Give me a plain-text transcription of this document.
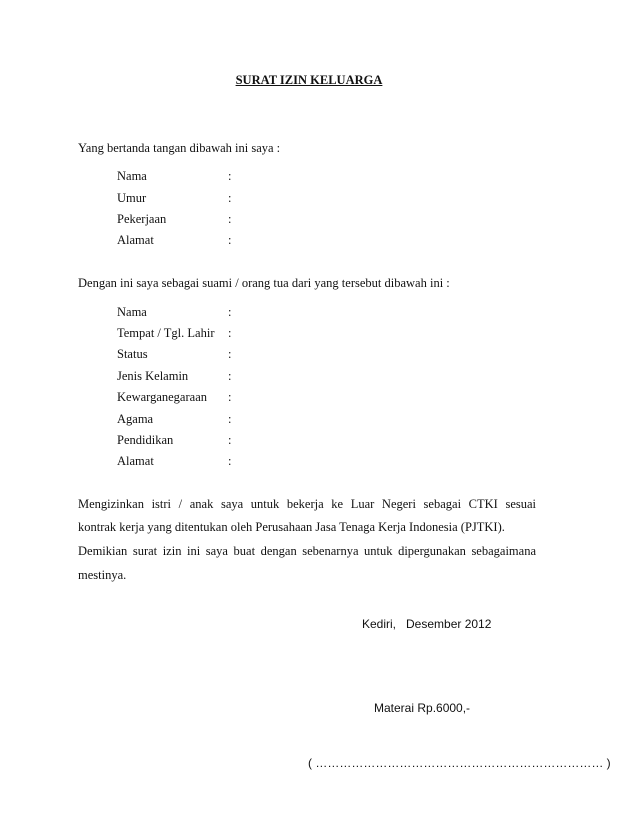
SURAT IZIN KELUARGA
Yang bertanda tangan dibawah ini saya :
Nama	:
Umur	:
Pekerjaan	:
Alamat	:
Dengan ini saya sebagai suami / orang tua dari yang tersebut dibawah ini :
Nama	:
Tempat / Tgl. Lahir :
Status	:
Jenis Kelamin	:
Kewarganegaraan :
Agama	:
Pendidikan	:
Alamat	:
Mengizinkan istri / anak saya untuk bekerja ke Luar Negeri sebagai CTKI sesuai
kontrak kerja yang ditentukan oleh Perusahaan Jasa Tenaga Kerja Indonesia (PJTKI).
Demikian surat izin ini saya buat dengan sebenarnya untuk dipergunakan sebagaimana
mestinya.
Kediri,   Desember 2012
Materai Rp.6000,-
( ……………………………………………………………… )
